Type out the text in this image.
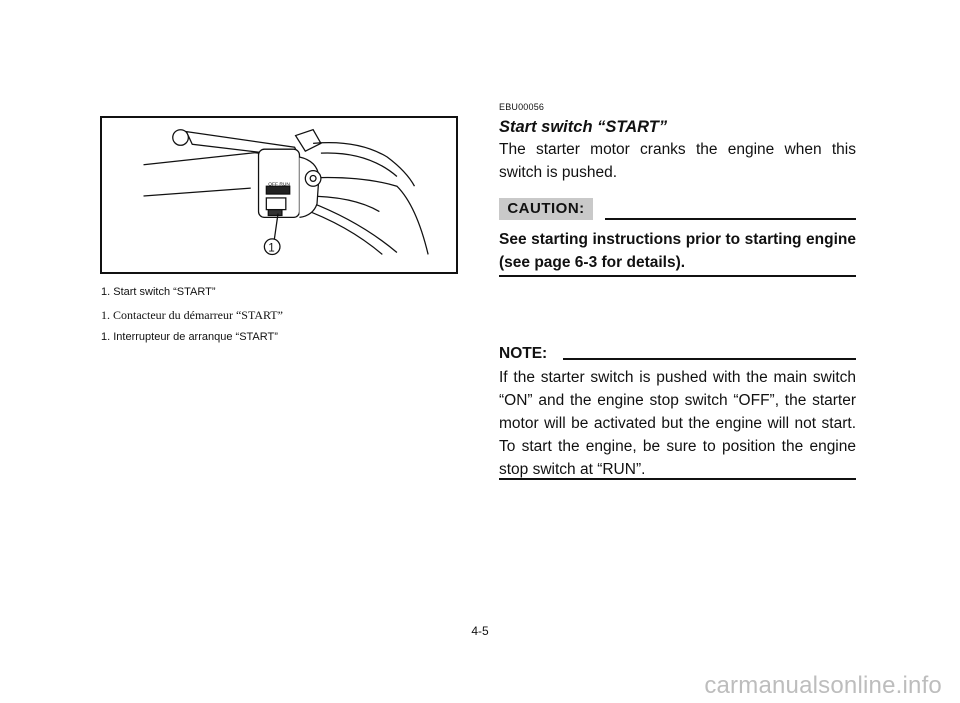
OFF RUN
1
1. Start switch “START”
1. Contacteur du démarreur “START”
1. Interrupteur de arranque “START”
EBU00056
Start switch “START”

The starter motor cranks the engine when this switch is pushed.

CAUTION:

See starting instructions prior to starting engine (see page 6-3 for details).

NOTE:

If the starter switch is pushed with the main switch “ON” and the engine stop switch “OFF”, the starter motor will be activated but the engine will not start. To start the engine, be sure to position the engine stop switch at “RUN”.

4-5
carmanualsonline.info
